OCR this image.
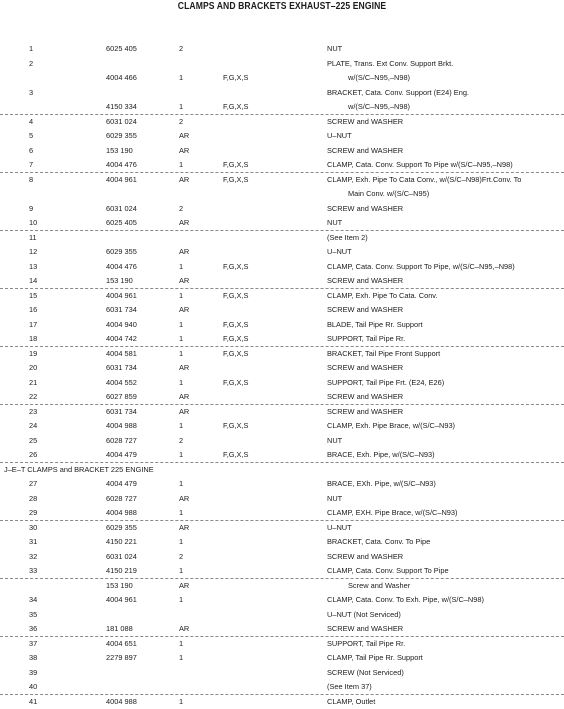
CLAMPS AND BRACKETS EXHAUST–225 ENGINE
1	6025 405	2	NUT
2	PLATE, Trans. Ext Conv. Support Brkt.
4004 466	1	F,G,X,S	w/(S/C–N95,–N98)
3	BRACKET, Cata. Conv. Support (E24) Eng.
4150 334	1	F,G,X,S	w/(S/C–N95,–N98)
4	6031 024	2	SCREW and WASHER
5	6029 355	AR	U–NUT
6	153 190	AR	SCREW and WASHER
7	4004 476	1	F,G,X,S	CLAMP, Cata. Conv. Support To Pipe w/(S/C–N95,–N98)
8	4004 961	AR	F,G,X,S	CLAMP, Exh. Pipe To Cata Conv., w/(S/C–N98)Frt.Conv. To
Main Conv. w/(S/C–N95)
9	6031 024	2	SCREW and WASHER
10	6025 405	AR	NUT
11	(See Item 2)
12	6029 355	AR	U–NUT
13	4004 476	1	F,G,X,S	CLAMP, Cata. Conv. Support To Pipe, w/(S/C–N95,–N98)
14	153 190	AR	SCREW and WASHER
15	4004 961	1	F,G,X,S	CLAMP, Exh. Pipe To Cata. Conv.
16	6031 734	AR	SCREW and WASHER
17	4004 940	1	F,G,X,S	BLADE, Tail Pipe Rr. Support
18	4004 742	1	F,G,X,S	SUPPORT, Tail Pipe Rr.
19	4004 581	1	F,G,X,S	BRACKET, Tail Pipe Front Support
20	6031 734	AR	SCREW and WASHER
21	4004 552	1	F,G,X,S	SUPPORT, Tail Pipe Frt. (E24, E26)
22	6027 859	AR	SCREW and WASHER
23	6031 734	AR	SCREW and WASHER
24	4004 988	1	F,G,X,S	CLAMP, Exh. Pipe Brace, w/(S/C–N93)
25	6028 727	2	NUT
26	4004 479	1	F,G,X,S	BRACE, Exh. Pipe, w/(S/C–N93)
J–E–T CLAMPS and BRACKET 225 ENGINE
27	4004 479	1	BRACE, EXh. Pipe, w/(S/C–N93)
28	6028 727	AR	NUT
29	4004 988	1	CLAMP, EXH. Pipe Brace, w/(S/C–N93)
30	6029 355	AR	U–NUT
31	4150 221	1	BRACKET, Cata. Conv. To Pipe
32	6031 024	2	SCREW and WASHER
33	4150 219	1	CLAMP, Cata. Conv. Support To Pipe
153 190	AR	Screw and Washer
34	4004 961	1	CLAMP, Cata. Conv. To Exh. Pipe, w/(S/C–N98)
35	U–NUT (Not Serviced)
36	181 088	AR	SCREW and WASHER
37	4004 651	1	SUPPORT, Tail Pipe Rr.
38	2279 897	1	CLAMP, Tail Pipe Rr. Support
39	SCREW (Not Serviced)
40	(See Item 37)
41	4004 988	1	CLAMP, Outlet
